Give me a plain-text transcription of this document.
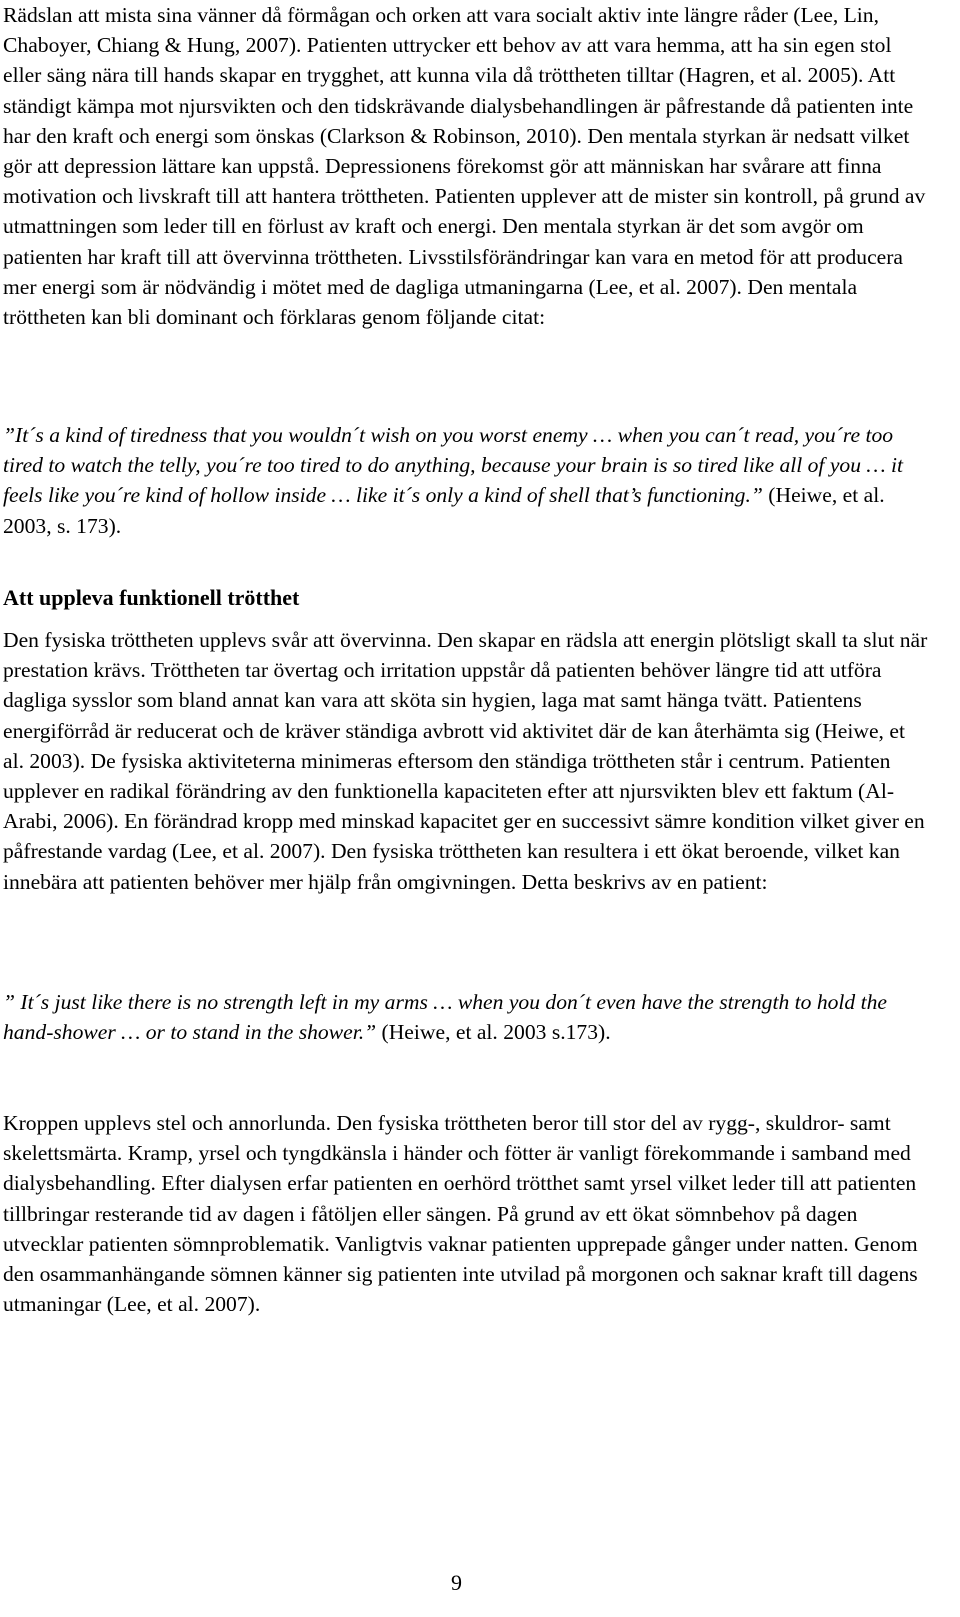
Rädslan att mista sina vänner då förmågan och orken att vara socialt aktiv inte längre råder (Lee, Lin, Chaboyer, Chiang & Hung, 2007). Patienten uttrycker ett behov av att vara hemma, att ha sin egen stol eller säng nära till hands skapar en trygghet, att kunna vila då tröttheten tilltar (Hagren, et al. 2005). Att ständigt kämpa mot njursvikten och den tidskrävande dialysbehandlingen är påfrestande då patienten inte har den kraft och energi som önskas (Clarkson & Robinson, 2010). Den mentala styrkan är nedsatt vilket gör att depression lättare kan uppstå. Depressionens förekomst gör att människan har svårare att finna motivation och livskraft till att hantera tröttheten. Patienten upplever att de mister sin kontroll, på grund av utmattningen som leder till en förlust av kraft och energi. Den mentala styrkan är det som avgör om patienten har kraft till att övervinna tröttheten. Livsstilsförändringar kan vara en metod för att producera mer energi som är nödvändig i mötet med de dagliga utmaningarna (Lee, et al. 2007). Den mentala tröttheten kan bli dominant och förklaras genom följande citat:

”It´s a kind of tiredness that you wouldn´t wish on you worst enemy … when you can´t read, you´re too tired to watch the telly, you´re too tired to do anything, because your brain is so tired like all of you … it feels like you´re kind of hollow inside … like it´s only a kind of shell that’s functioning.” (Heiwe, et al. 2003, s. 173).

Att uppleva funktionell trötthet

Den fysiska tröttheten upplevs svår att övervinna. Den skapar en rädsla att energin plötsligt skall ta slut när prestation krävs. Tröttheten tar övertag och irritation uppstår då patienten behöver längre tid att utföra dagliga sysslor som bland annat kan vara att sköta sin hygien, laga mat samt hänga tvätt. Patientens energiförråd är reducerat och de kräver ständiga avbrott vid aktivitet där de kan återhämta sig (Heiwe, et al. 2003). De fysiska aktiviteterna minimeras eftersom den ständiga tröttheten står i centrum. Patienten upplever en radikal förändring av den funktionella kapaciteten efter att njursvikten blev ett faktum (Al-Arabi, 2006). En förändrad kropp med minskad kapacitet ger en successivt sämre kondition vilket giver en påfrestande vardag (Lee, et al. 2007). Den fysiska tröttheten kan resultera i ett ökat beroende, vilket kan innebära att patienten behöver mer hjälp från omgivningen. Detta beskrivs av en patient:

” It´s just like there is no strength left in my arms … when you don´t even have the strength to hold the hand-shower … or to stand in the shower.” (Heiwe, et al. 2003 s.173).

Kroppen upplevs stel och annorlunda. Den fysiska tröttheten beror till stor del av rygg-, skuldror- samt skelettsmärta. Kramp, yrsel och tyngdkänsla i händer och fötter är vanligt förekommande i samband med dialysbehandling. Efter dialysen erfar patienten en oerhörd trötthet samt yrsel vilket leder till att patienten tillbringar resterande tid av dagen i fåtöljen eller sängen. På grund av ett ökat sömnbehov på dagen utvecklar patienten sömnproblematik. Vanligtvis vaknar patienten upprepade gånger under natten. Genom den osammanhängande sömnen känner sig patienten inte utvilad på morgonen och saknar kraft till dagens utmaningar (Lee, et al. 2007).

9
